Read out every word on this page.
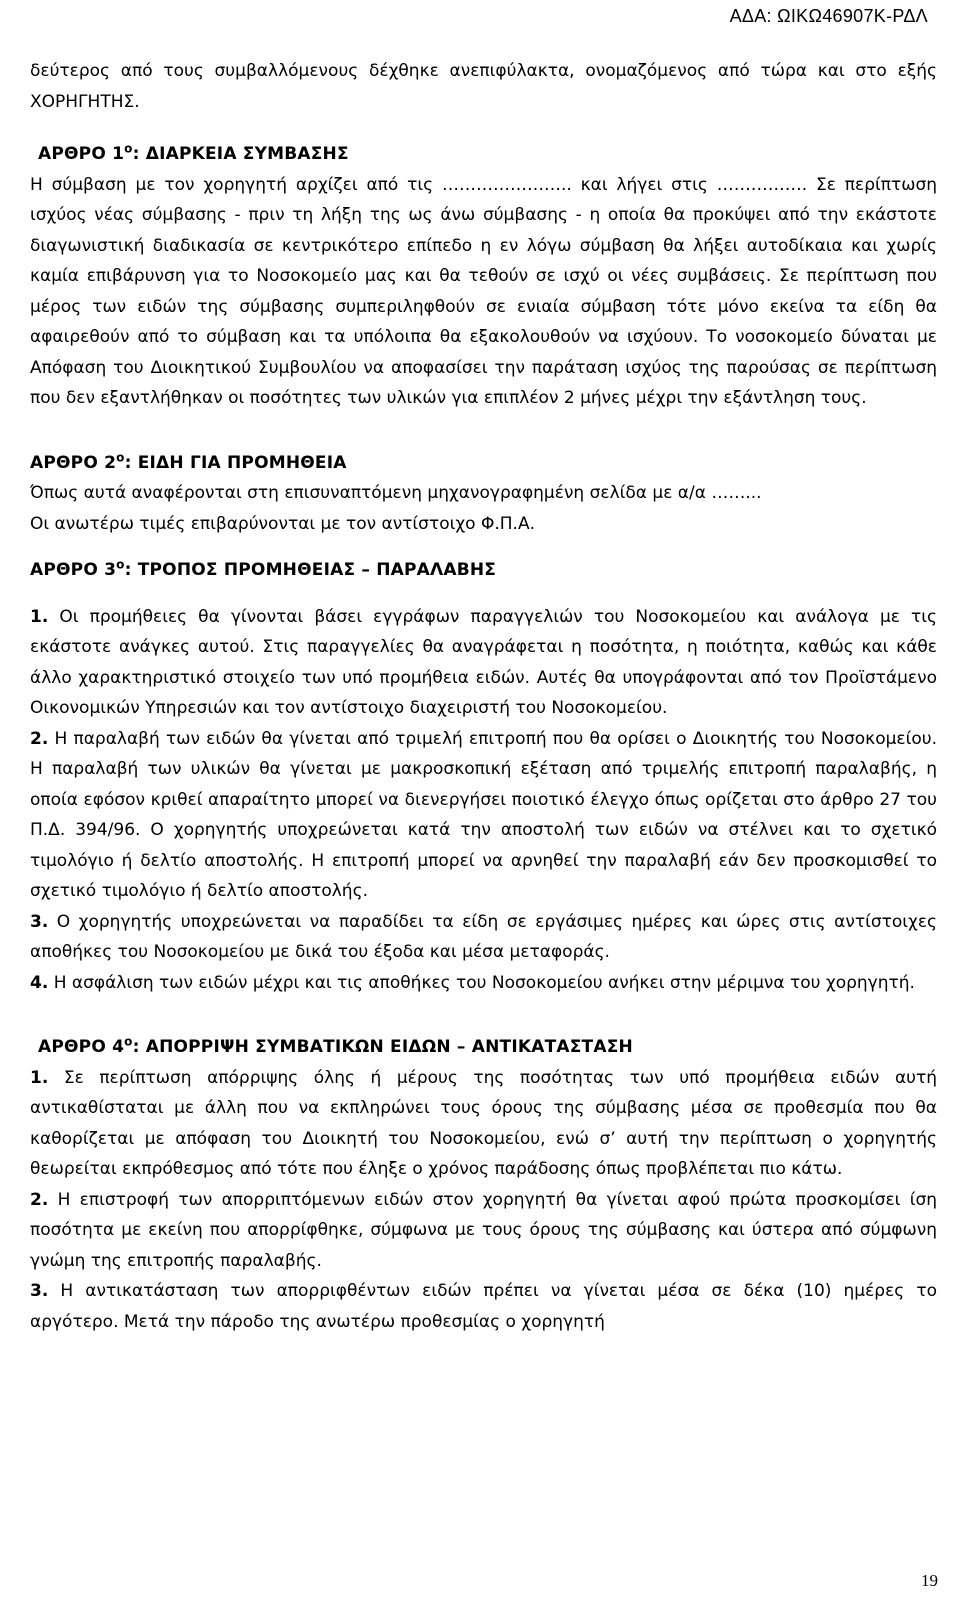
ΑΔΑ: ΩΙΚΩ46907Κ-ΡΔΛ

δεύτερος από τους συμβαλλόμενους δέχθηκε ανεπιφύλακτα, ονομαζόμενος από τώρα και στο εξής ΧΟΡΗΓΗΤΗΣ.

ΑΡΘΡΟ $1^o$: ΔΙΑΡΚΕΙΑ ΣΥΜΒΑΣΗΣ

Η σύμβαση με τον χορηγητή αρχίζει από τις ………………….. και λήγει στις ……………. Σε περίπτωση ισχύος νέας σύμβασης - πριν τη λήξη της ως άνω σύμβασης - η οποία θα προκύψει από την εκάστοτε διαγωνιστική διαδικασία σε κεντρικότερο επίπεδο η εν λόγω σύμβαση θα λήξει αυτοδίκαια και χωρίς καμία επιβάρυνση για το Νοσοκομείο μας και θα τεθούν σε ισχύ οι νέες συμβάσεις. Σε περίπτωση που μέρος των ειδών της σύμβασης συμπεριληφθούν σε ενιαία σύμβαση τότε μόνο εκείνα τα είδη θα αφαιρεθούν από το σύμβαση και τα υπόλοιπα θα εξακολουθούν να ισχύουν. Το νοσοκομείο δύναται με Απόφαση του Διοικητικού Συμβουλίου να αποφασίσει την παράταση ισχύος της παρούσας σε περίπτωση που δεν εξαντλήθηκαν οι ποσότητες των υλικών για επιπλέον 2 μήνες μέχρι την εξάντληση τους.

ΑΡΘΡΟ $2^o$: ΕΙΔΗ ΓΙΑ ΠΡΟΜΗΘΕΙΑ

Όπως αυτά αναφέρονται στη επισυναπτόμενη μηχανογραφημένη σελίδα με α/α ……...

Οι ανωτέρω τιμές επιβαρύνονται με τον αντίστοιχο Φ.Π.Α.

ΑΡΘΡΟ $3^o$: ΤΡΟΠΟΣ ΠΡΟΜΗΘΕΙΑΣ – ΠΑΡΑΛΑΒΗΣ

1. Οι προμήθειες θα γίνονται βάσει εγγράφων παραγγελιών του Νοσοκομείου και ανάλογα με τις εκάστοτε ανάγκες αυτού. Στις παραγγελίες θα αναγράφεται η ποσότητα, η ποιότητα, καθώς και κάθε άλλο χαρακτηριστικό στοιχείο των υπό προμήθεια ειδών. Αυτές θα υπογράφονται από τον Προϊστάμενο Οικονομικών Υπηρεσιών και τον αντίστοιχο διαχειριστή του Νοσοκομείου.

2. Η παραλαβή των ειδών θα γίνεται από τριμελή επιτροπή που θα ορίσει ο Διοικητής του Νοσοκομείου. Η παραλαβή των υλικών θα γίνεται με μακροσκοπική εξέταση από τριμελής επιτροπή παραλαβής, η οποία εφόσον κριθεί απαραίτητο μπορεί να διενεργήσει ποιοτικό έλεγχο όπως ορίζεται στο άρθρο 27 του Π.Δ. 394/96. Ο χορηγητής υποχρεώνεται κατά την αποστολή των ειδών να στέλνει και το σχετικό τιμολόγιο ή δελτίο αποστολής. Η επιτροπή μπορεί να αρνηθεί την παραλαβή εάν δεν προσκομισθεί το σχετικό τιμολόγιο ή δελτίο αποστολής.

3. Ο χορηγητής υποχρεώνεται να παραδίδει τα είδη σε εργάσιμες ημέρες και ώρες στις αντίστοιχες αποθήκες του Νοσοκομείου με δικά του έξοδα και μέσα μεταφοράς.

4. Η ασφάλιση των ειδών μέχρι και τις αποθήκες του Νοσοκομείου ανήκει στην μέριμνα του χορηγητή.

ΑΡΘΡΟ $4^o$: ΑΠΟΡΡΙΨΗ ΣΥΜΒΑΤΙΚΩΝ ΕΙΔΩΝ – ΑΝΤΙΚΑΤΑΣΤΑΣΗ

1. Σε περίπτωση απόρριψης όλης ή μέρους της ποσότητας των υπό προμήθεια ειδών αυτή αντικαθίσταται με άλλη που να εκπληρώνει τους όρους της σύμβασης μέσα σε προθεσμία που θα καθορίζεται με απόφαση του Διοικητή του Νοσοκομείου, ενώ σ’ αυτή την περίπτωση ο χορηγητής θεωρείται εκπρόθεσμος από τότε που έληξε ο χρόνος παράδοσης όπως προβλέπεται πιο κάτω.

2. Η επιστροφή των απορριπτόμενων ειδών στον χορηγητή θα γίνεται αφού πρώτα προσκομίσει ίση ποσότητα με εκείνη που απορρίφθηκε, σύμφωνα με τους όρους της σύμβασης και ύστερα από σύμφωνη γνώμη της επιτροπής παραλαβής.

3. Η αντικατάσταση των απορριφθέντων ειδών πρέπει να γίνεται μέσα σε δέκα (10) ημέρες το αργότερο. Μετά την πάροδο της ανωτέρω προθεσμίας ο χορηγητή

19
